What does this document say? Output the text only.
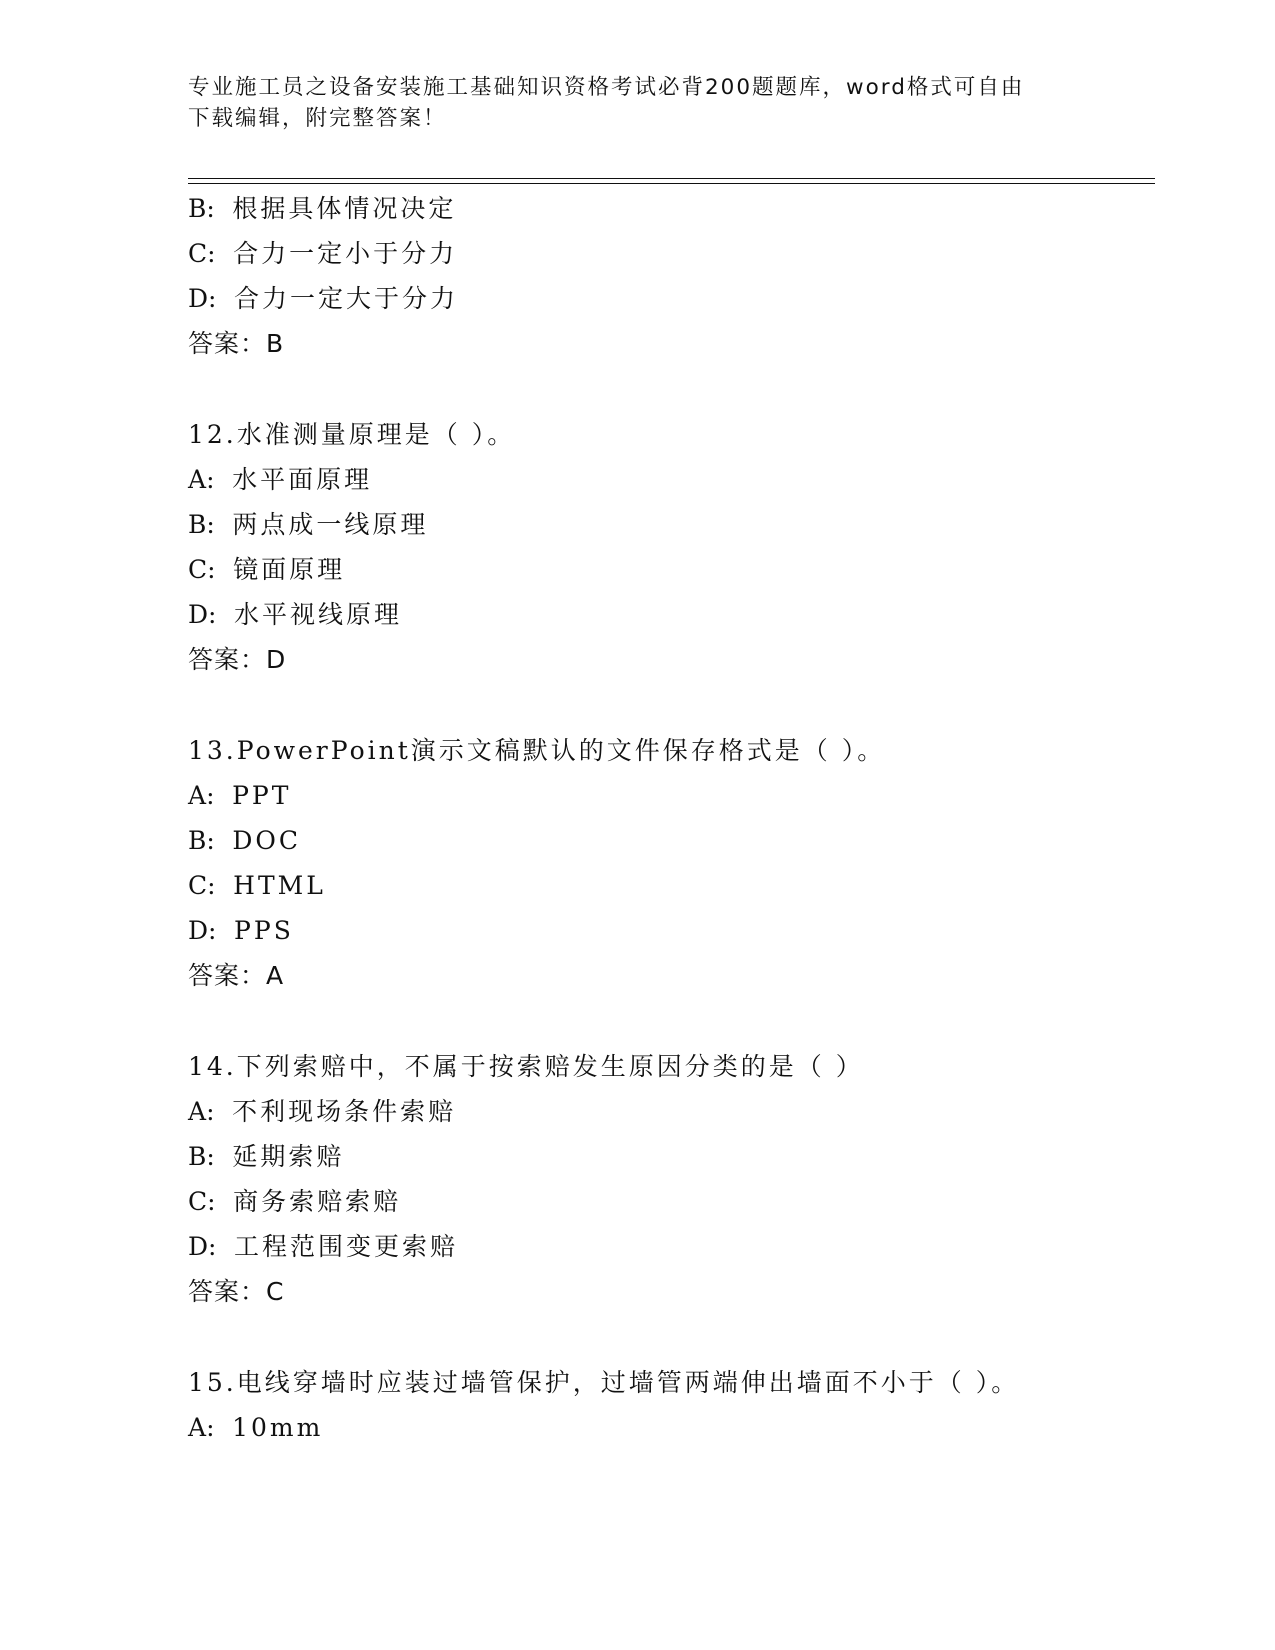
专业施工员之设备安装施工基础知识资格考试必背200题题库，word格式可自由
下载编辑，附完整答案！
B: 根据具体情况决定
C: 合力一定小于分力
D: 合力一定大于分力
答案：B
12.水准测量原理是（ ）。
A: 水平面原理
B: 两点成一线原理
C: 镜面原理
D: 水平视线原理
答案：D
13.PowerPoint演示文稿默认的文件保存格式是（ ）。
A: PPT
B: DOC
C: HTML
D: PPS
答案：A
14.下列索赔中，不属于按索赔发生原因分类的是（ ）
A: 不利现场条件索赔
B: 延期索赔
C: 商务索赔索赔
D: 工程范围变更索赔
答案：C
15.电线穿墙时应装过墙管保护，过墙管两端伸出墙面不小于（ ）。
A: 10mm
